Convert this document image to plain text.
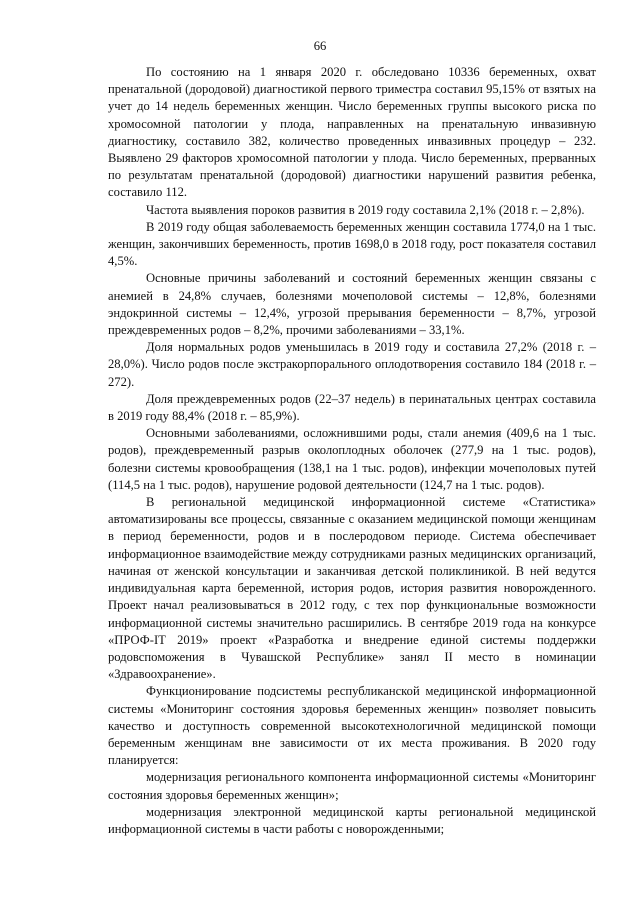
66

По состоянию на 1 января 2020 г. обследовано 10336 беременных, охват пренатальной (дородовой) диагностикой первого триместра составил 95,15% от взятых на учет до 14 недель беременных женщин. Число беременных группы высокого риска по хромосомной патологии у плода, направленных на пренатальную инвазивную диагностику, составило 382, количество проведенных инвазивных процедур – 232. Выявлено 29 факторов хромосомной патологии у плода. Число беременных, прерванных по результатам пренатальной (дородовой) диагностики нарушений развития ребенка, составило 112.

Частота выявления пороков развития в 2019 году составила 2,1% (2018 г. – 2,8%).

В 2019 году общая заболеваемость беременных женщин составила 1774,0 на 1 тыс. женщин, закончивших беременность, против 1698,0 в 2018 году, рост показателя составил 4,5%.

Основные причины заболеваний и состояний беременных женщин связаны с анемией в 24,8% случаев, болезнями мочеполовой системы – 12,8%, болезнями эндокринной системы – 12,4%, угрозой прерывания беременности – 8,7%, угрозой преждевременных родов – 8,2%, прочими заболеваниями – 33,1%.

Доля нормальных родов уменьшилась в 2019 году и составила 27,2% (2018 г. – 28,0%). Число родов после экстракорпорального оплодотворения составило 184 (2018 г. – 272).

Доля преждевременных родов (22–37 недель) в перинатальных центрах составила в 2019 году 88,4% (2018 г. – 85,9%).

Основными заболеваниями, осложнившими роды, стали анемия (409,6 на 1 тыс. родов), преждевременный разрыв околоплодных оболочек (277,9 на 1 тыс. родов), болезни системы кровообращения (138,1 на 1 тыс. родов), инфекции мочеполовых путей (114,5 на 1 тыс. родов), нарушение родовой деятельности (124,7 на 1 тыс. родов).

В региональной медицинской информационной системе «Статистика» автоматизированы все процессы, связанные с оказанием медицинской помощи женщинам в период беременности, родов и в послеродовом периоде. Система обеспечивает информационное взаимодействие между сотрудниками разных медицинских организаций, начиная от женской консультации и заканчивая детской поликлиникой. В ней ведутся индивидуальная карта беременной, история родов, история развития новорожденного. Проект начал реализовываться в 2012 году, с тех пор функциональные возможности информационной системы значительно расширились. В сентябре 2019 года на конкурсе «ПРОФ-IT 2019» проект «Разработка и внедрение единой системы поддержки родовспоможения в Чувашской Республике» занял II место в номинации «Здравоохранение».

Функционирование подсистемы республиканской медицинской информационной системы «Мониторинг состояния здоровья беременных женщин» позволяет повысить качество и доступность современной высокотехнологичной медицинской помощи беременным женщинам вне зависимости от их места проживания. В 2020 году планируется:

модернизация регионального компонента информационной системы «Мониторинг состояния здоровья беременных женщин»;

модернизация электронной медицинской карты региональной медицинской информационной системы в части работы с новорожденными;
